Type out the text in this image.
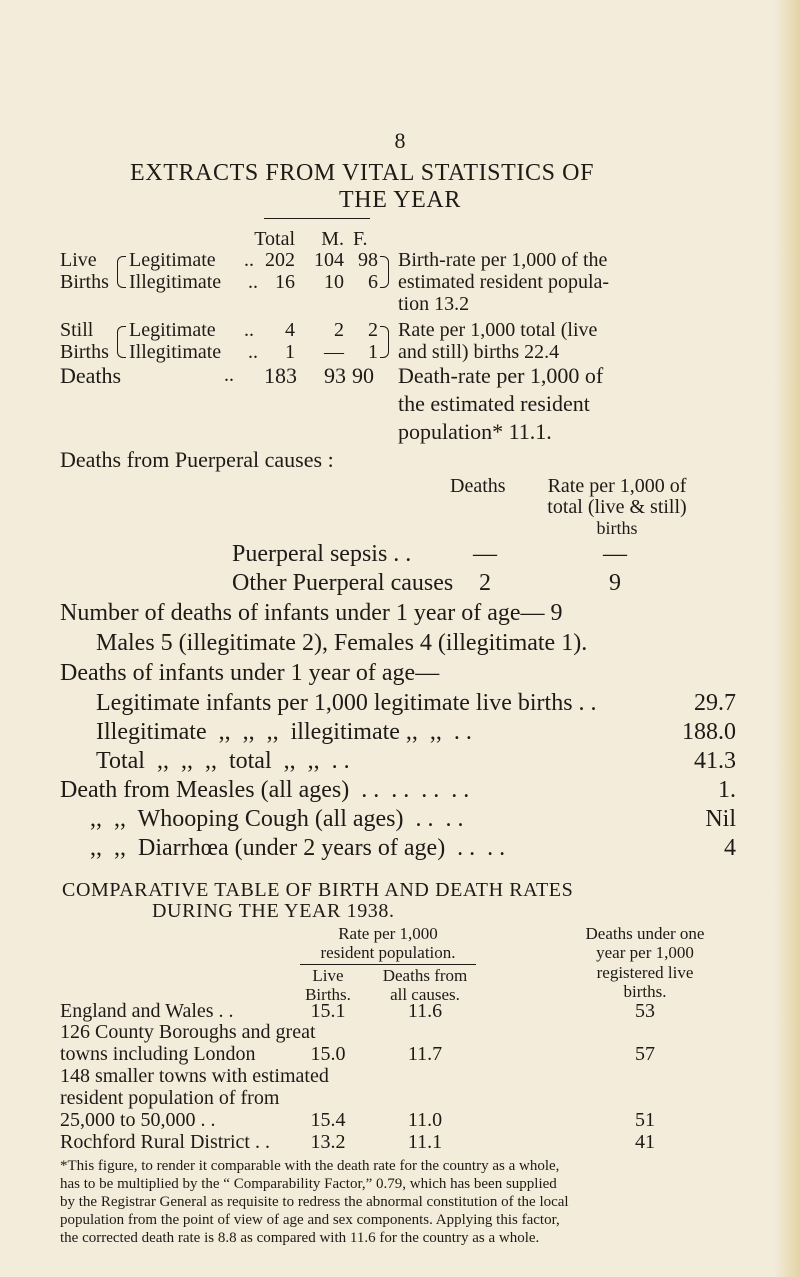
8
EXTRACTS FROM VITAL STATISTICS OF
THE YEAR
Total	M. F.
Live
Births
Legitimate .. 202 104 98
Illegitimate .. 16	10	6
Birth-rate per 1,000 of the
estimated resident popula-
tion 13.2
Still
Births
Legitimate ..	4	2	2
Illegitimate ..	1	—	1
Rate per 1,000 total (live
and still) births 22.4
Deaths	..	183	93 90 Death-rate per 1,000 of
the estimated resident
population* 11.1.
Deaths from Puerperal causes :
Deaths	Rate per 1,000 of
total (live & still)
births
Puerperal sepsis . .	—	—
Other Puerperal causes	2	9
Number of deaths of infants under 1 year of age— 9
Males 5 (illegitimate 2), Females 4 (illegitimate 1).
Deaths of infants under 1 year of age—
Legitimate infants per 1,000 legitimate live births . .	29.7
Illegitimate  ,,  ,,  ,,  illegitimate ,,  ,,  . .	188.0
Total  ,,  ,,  ,,  total  ,,  ,,  . .	41.3
Death from Measles (all ages)  . .  . .  . .  . .	1.
,,  ,,  Whooping Cough (all ages)  . .  . .	Nil
,,  ,,  Diarrhœa (under 2 years of age)  . .  . .	4
COMPARATIVE TABLE OF BIRTH AND DEATH RATES
DURING THE YEAR 1938.
Rate per 1,000
resident population.
Live
Births.
Deaths from
all causes.
Deaths under one
year per 1,000
registered live
births.
England and Wales . .	15.1	11.6	53
126 County Boroughs and great
towns including London	15.0	11.7	57
148 smaller towns with estimated
resident population of from
25,000 to 50,000 . .	15.4	11.0	51
Rochford Rural District . .	13.2	11.1	41
*This figure, to render it comparable with the death rate for the country as a whole,
has to be multiplied by the “ Comparability Factor,” 0.79, which has been supplied
by the Registrar General as requisite to redress the abnormal constitution of the local
population from the point of view of age and sex components. Applying this factor,
the corrected death rate is 8.8 as compared with 11.6 for the country as a whole.
